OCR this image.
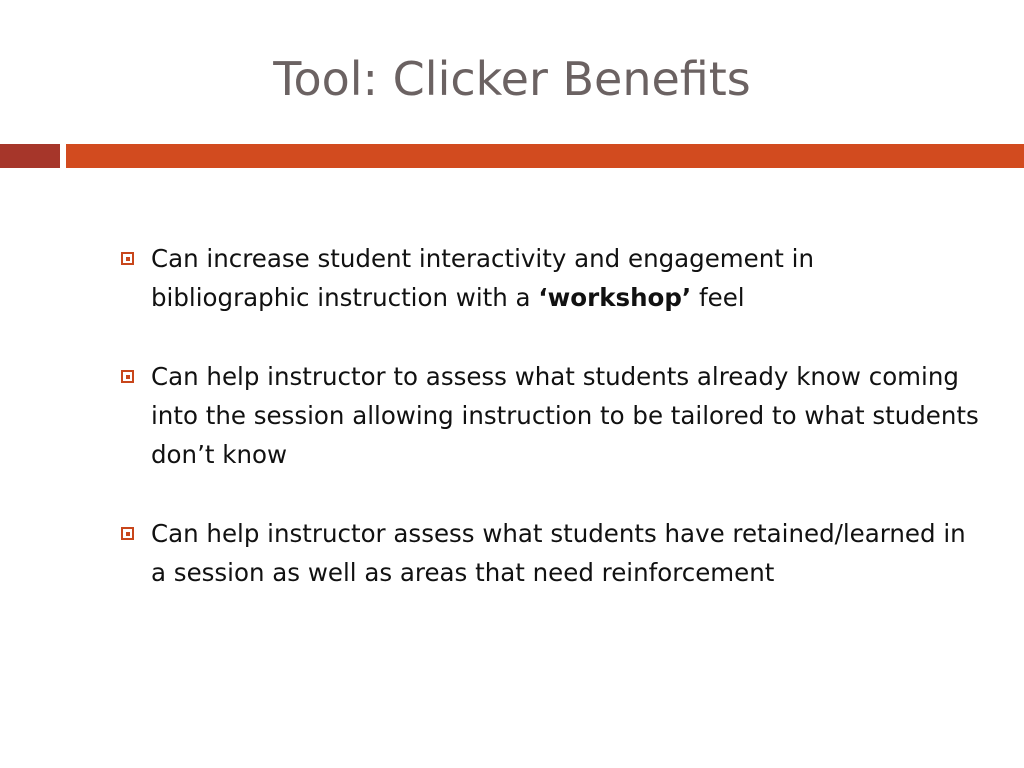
Tool: Clicker Benefits
Can increase student interactivity and engagement in bibliographic instruction with a ‘workshop’ feel
Can help instructor to assess what students already know coming into the session allowing instruction to be tailored to what students don’t know
Can help instructor assess what students have retained/learned in a session as well as areas that need reinforcement
